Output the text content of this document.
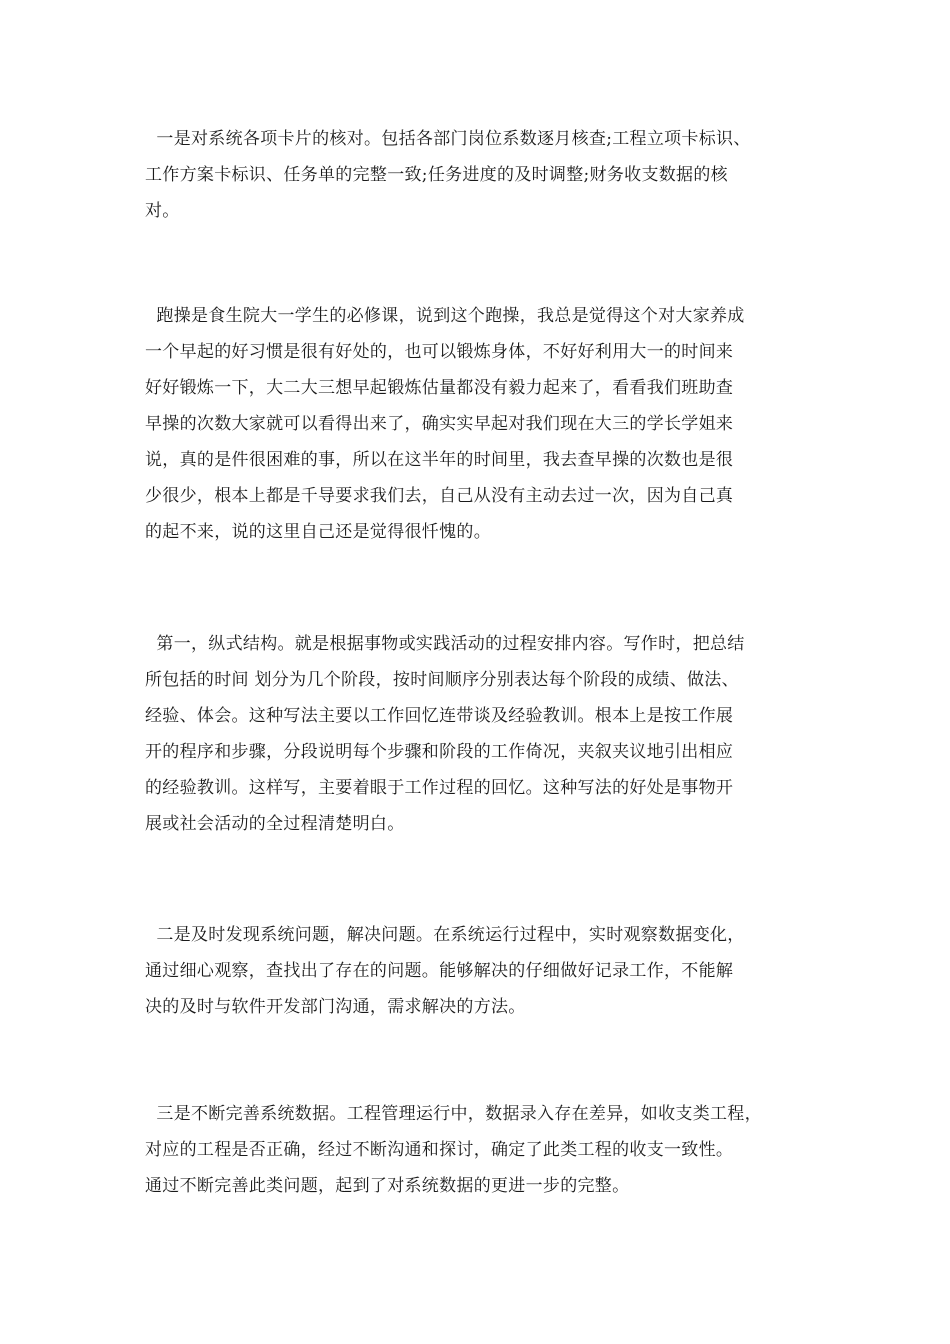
一是对系统各项卡片的核对。包括各部门岗位系数逐月核查;工程立项卡标识、
工作方案卡标识、任务单的完整一致;任务进度的及时调整;财务收支数据的核
对。
跑操是食生院大一学生的必修课，说到这个跑操，我总是觉得这个对大家养成
一个早起的好习惯是很有好处的，也可以锻炼身体，不好好利用大一的时间来
好好锻炼一下，大二大三想早起锻炼估量都没有毅力起来了，看看我们班助查
早操的次数大家就可以看得出来了，确实实早起对我们现在大三的学长学姐来
说，真的是件很困难的事，所以在这半年的时间里，我去查早操的次数也是很
少很少，根本上都是千导要求我们去，自己从没有主动去过一次，因为自己真
的起不来，说的这里自己还是觉得很忏愧的。
第一，纵式结构。就是根据事物或实践活动的过程安排内容。写作时，把总结
所包括的时间 划分为几个阶段，按时间顺序分别表达每个阶段的成绩、做法、
经验、体会。这种写法主要以工作回忆连带谈及经验教训。根本上是按工作展
开的程序和步骤，分段说明每个步骤和阶段的工作倚况，夹叙夹议地引出相应
的经验教训。这样写，主要着眼于工作过程的回忆。这种写法的好处是事物开
展或社会活动的全过程清楚明白。
二是及时发现系统问题，解决问题。在系统运行过程中，实时观察数据变化，
通过细心观察，查找出了存在的问题。能够解决的仔细做好记录工作，不能解
决的及时与软件开发部门沟通，需求解决的方法。
三是不断完善系统数据。工程管理运行中，数据录入存在差异，如收支类工程，
对应的工程是否正确，经过不断沟通和探讨，确定了此类工程的收支一致性。
通过不断完善此类问题，起到了对系统数据的更进一步的完整。
